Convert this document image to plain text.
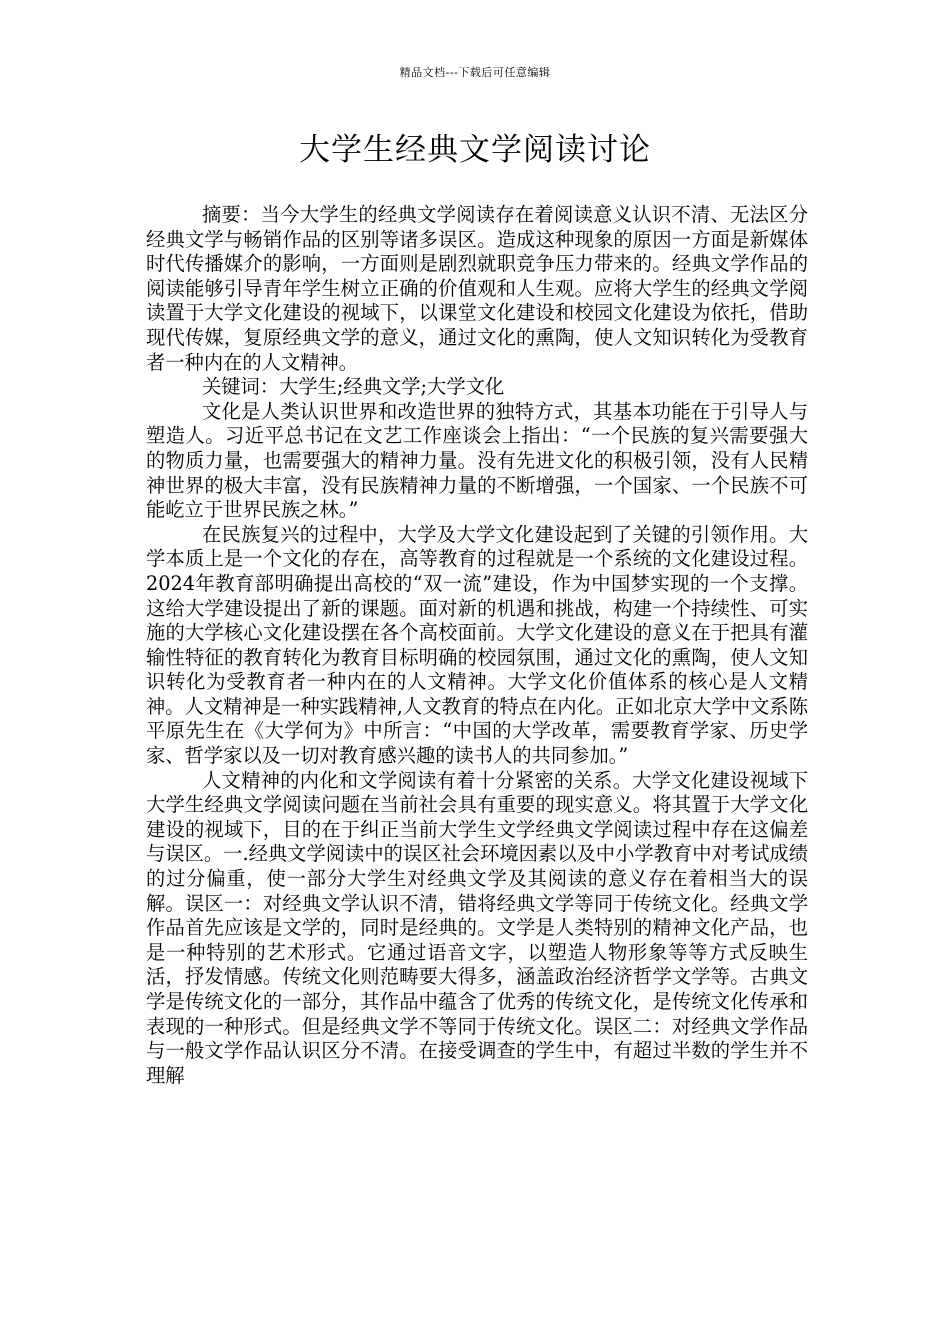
精品文档---下载后可任意编辑
大学生经典文学阅读讨论

摘要：当今大学生的经典文学阅读存在着阅读意义认识不清、无法区分经典文学与畅销作品的区别等诸多误区。造成这种现象的原因一方面是新媒体时代传播媒介的影响，一方面则是剧烈就职竞争压力带来的。经典文学作品的阅读能够引导青年学生树立正确的价值观和人生观。应将大学生的经典文学阅读置于大学文化建设的视域下，以课堂文化建设和校园文化建设为依托，借助现代传媒，复原经典文学的意义，通过文化的熏陶，使人文知识转化为受教育者一种内在的人文精神。

关键词：大学生;经典文学;大学文化

文化是人类认识世界和改造世界的独特方式，其基本功能在于引导人与塑造人。习近平总书记在文艺工作座谈会上指出：“一个民族的复兴需要强大的物质力量，也需要强大的精神力量。没有先进文化的积极引领，没有人民精神世界的极大丰富，没有民族精神力量的不断增强，一个国家、一个民族不可能屹立于世界民族之林。”

在民族复兴的过程中，大学及大学文化建设起到了关键的引领作用。大学本质上是一个文化的存在，高等教育的过程就是一个系统的文化建设过程。2024年教育部明确提出高校的“双一流”建设，作为中国梦实现的一个支撑。这给大学建设提出了新的课题。面对新的机遇和挑战，构建一个持续性、可实施的大学核心文化建设摆在各个高校面前。大学文化建设的意义在于把具有灌输性特征的教育转化为教育目标明确的校园氛围，通过文化的熏陶，使人文知识转化为受教育者一种内在的人文精神。大学文化价值体系的核心是人文精神。人文精神是一种实践精神,人文教育的特点在内化。正如北京大学中文系陈平原先生在《大学何为》中所言：“中国的大学改革，需要教育学家、历史学家、哲学家以及一切对教育感兴趣的读书人的共同参加。”

人文精神的内化和文学阅读有着十分紧密的关系。大学文化建设视域下大学生经典文学阅读问题在当前社会具有重要的现实意义。将其置于大学文化建设的视域下，目的在于纠正当前大学生文学经典文学阅读过程中存在这偏差与误区。一.经典文学阅读中的误区社会环境因素以及中小学教育中对考试成绩的过分偏重，使一部分大学生对经典文学及其阅读的意义存在着相当大的误解。误区一：对经典文学认识不清，错将经典文学等同于传统文化。经典文学作品首先应该是文学的，同时是经典的。文学是人类特别的精神文化产品，也是一种特别的艺术形式。它通过语音文字，以塑造人物形象等等方式反映生活，抒发情感。传统文化则范畴要大得多，涵盖政治经济哲学文学等。古典文学是传统文化的一部分，其作品中蕴含了优秀的传统文化，是传统文化传承和表现的一种形式。但是经典文学不等同于传统文化。误区二：对经典文学作品与一般文学作品认识区分不清。在接受调查的学生中，有超过半数的学生并不理解
